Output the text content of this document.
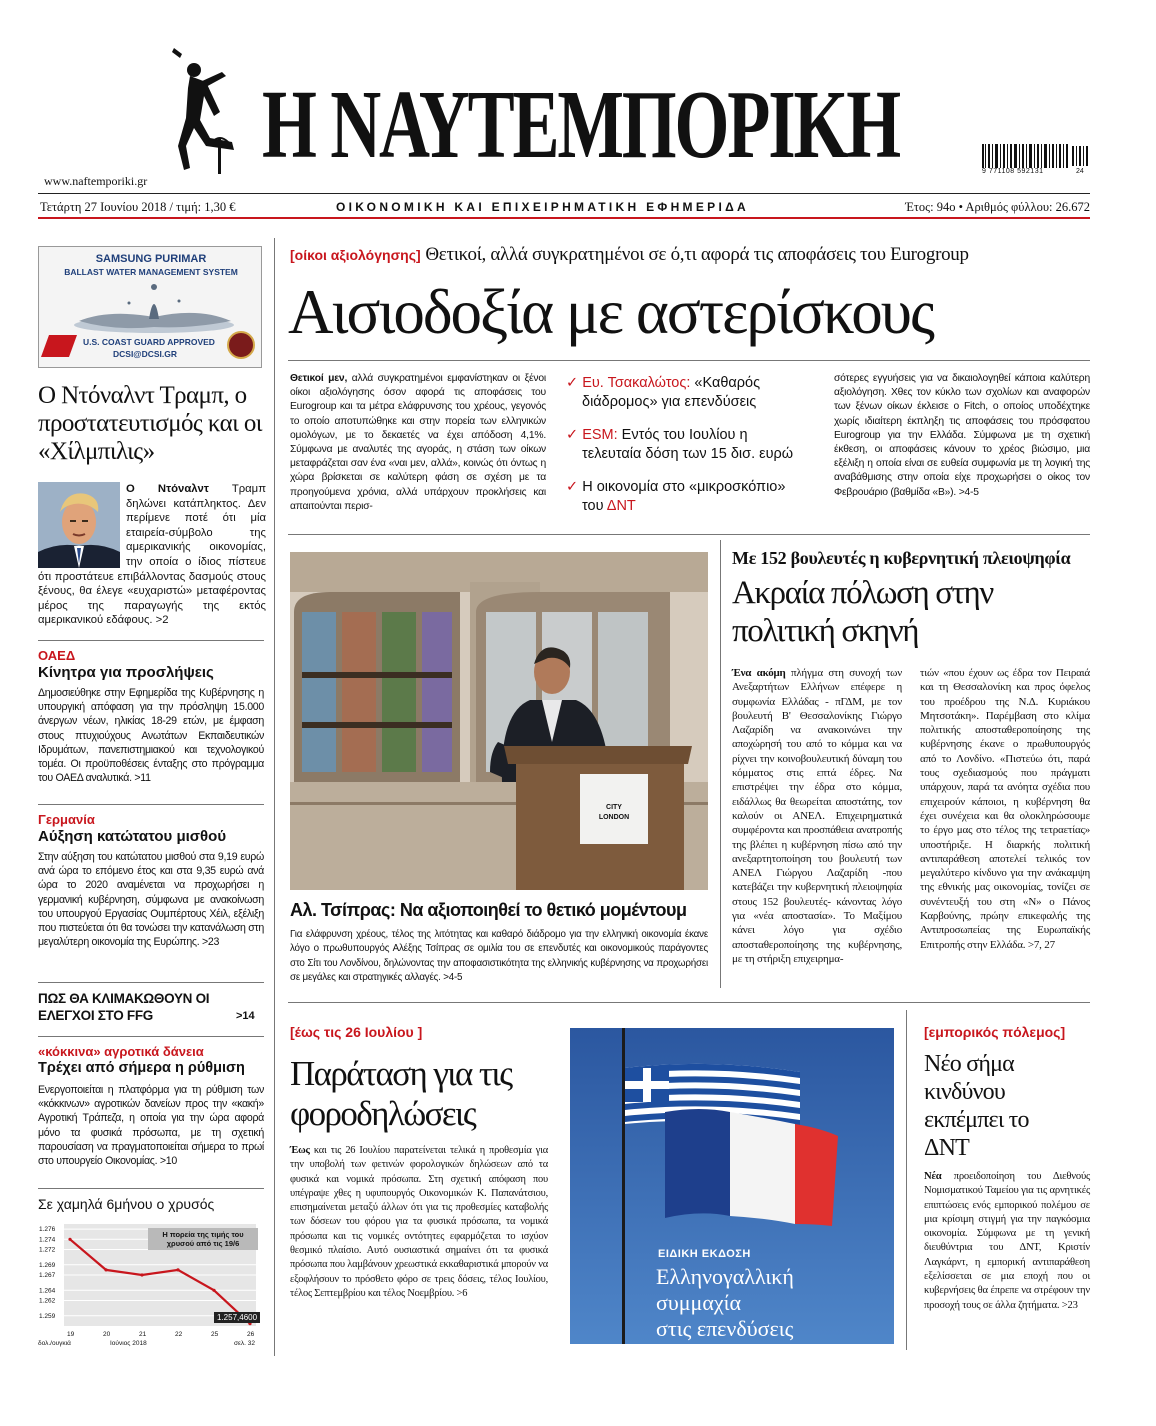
Η ΝΑΥΤΕΜΠΟΡΙΚΗ	9 771108 592131	24
www.naftemporiki.gr
Τετάρτη 27 Ιουνίου 2018 / τιμή: 1,30 €	ΟΙΚΟΝΟΜΙΚΗ ΚΑΙ ΕΠΙΧΕΙΡΗΜΑΤΙΚΗ ΕΦΗΜΕΡΙΔΑ	Έτος: 94ο • Αριθμός φύλλου: 26.672
SAMSUNG PURIMAR
BALLAST WATER MANAGEMENT SYSTEM
U.S. COAST GUARD APPROVED
DCSI@DCSI.GR
Ο Ντόναλντ Τραμπ, ο προστατευτισμός και οι «Χίλμπιλις»
Ο Ντόναλντ Τραμπ δηλώνει κατάπληκτος. Δεν περίμενε ποτέ ότι μία εταιρεία-σύμβολο της αμερικανικής οικονομίας, την οποία ο ίδιος πίστευε ότι προστάτευε επιβάλλοντας δασμούς στους ξένους, θα έλεγε «ευχαριστώ» μεταφέροντας μέρος της παραγωγής της εκτός αμερικανικού εδάφους. >2
ΟΑΕΔ
Κίνητρα για προσλήψεις
Δημοσιεύθηκε στην Εφημερίδα της Κυβέρνησης η υπουργική απόφαση για την πρόσληψη 15.000 άνεργων νέων, ηλικίας 18-29 ετών, με έμφαση στους πτυχιούχους Ανωτάτων Εκπαιδευτικών Ιδρυμάτων, πανεπιστημιακού και τεχνολογικού τομέα. Οι προϋποθέσεις ένταξης στο πρόγραμμα του ΟΑΕΔ αναλυτικά. >11
Γερμανία
Αύξηση κατώτατου μισθού
Στην αύξηση του κατώτατου μισθού στα 9,19 ευρώ ανά ώρα το επόμενο έτος και στα 9,35 ευρώ ανά ώρα το 2020 αναμένεται να προχωρήσει η γερμανική κυβέρνηση, σύμφωνα με ανακοίνωση του υπουργού Εργασίας Ουμπέρτους Χέιλ, εξέλιξη που πιστεύεται ότι θα τονώσει την κατανάλωση στη μεγαλύτερη οικονομία της Ευρώπης. >23
ΠΩΣ ΘΑ ΚΛΙΜΑΚΩΘΟΥΝ ΟΙ ΕΛΕΓΧΟΙ ΣΤΟ FFG	>14
«κόκκινα» αγροτικά δάνεια
Τρέχει από σήμερα η ρύθμιση
Ενεργοποιείται η πλατφόρμα για τη ρύθμιση των «κόκκινων» αγροτικών δανείων προς την «κακή» Αγροτική Τράπεζα, η οποία για την ώρα αφορά μόνο τα φυσικά πρόσωπα, με τη σχετική παρουσίαση να πραγματοποιείται σήμερα το πρωί στο υπουργείο Οικονομίας. >10
Σε χαμηλά 6μήνου ο χρυσός
1.259
1.262
1.264
1.267
1.269
1.272
1.274
1.276
19	20	21	22	25	26
Η πορεία της τιμής του χρυσού από τις 19/6
1.257,4600
δολ./ουγκιά	Ιούνιος 2018	σελ. 32
[οίκοι αξιολόγησης] Θετικοί, αλλά συγκρατημένοι σε ό,τι αφορά τις αποφάσεις του Eurogroup
Αισιοδοξία με αστερίσκους
Θετικοί μεν, αλλά συγκρατημένοι εμφανίστηκαν οι ξένοι οίκοι αξιολόγησης όσον αφορά τις αποφάσεις του Eurogroup και τα μέτρα ελάφρυνσης του χρέους, γεγονός το οποίο αποτυπώθηκε και στην πορεία των ελληνικών ομολόγων, με το δεκαετές να έχει απόδοση 4,1%. Σύμφωνα με αναλυτές της αγοράς, η στάση των οίκων μεταφράζεται σαν ένα «ναι μεν, αλλά», κοινώς ότι όντως η χώρα βρίσκεται σε καλύτερη φάση σε σχέση με τα προηγούμενα χρόνια, αλλά υπάρχουν προκλήσεις και απαιτούνται περισ-
✓ Ευ. Τσακαλώτος: «Καθαρός διάδρομος» για επενδύσεις
✓ ESM: Εντός του Ιουλίου η τελευταία δόση των 15 δισ. ευρώ
✓ Η οικονομία στο «μικροσκόπιο» του ΔΝΤ
σότερες εγγυήσεις για να δικαιολογηθεί κάποια καλύτερη αξιολόγηση. Χθες τον κύκλο των σχολίων και αναφορών των ξένων οίκων έκλεισε ο Fitch, ο οποίος υποδέχτηκε χωρίς ιδιαίτερη έκπληξη τις αποφάσεις του πρόσφατου Eurogroup για την Ελλάδα. Σύμφωνα με τη σχετική έκθεση, οι αποφάσεις κάνουν το χρέος βιώσιμο, μια εξέλιξη η οποία είναι σε ευθεία συμφωνία με τη λογική της αναβάθμισης στην οποία είχε προχωρήσει ο οίκος τον Φεβρουάριο (βαθμίδα «Β»). >4-5
CITY
LONDON
Αλ. Τσίπρας: Να αξιοποιηθεί το θετικό μομέντουμ
Για ελάφρυνση χρέους, τέλος της λιτότητας και καθαρό διάδρομο για την ελληνική οικονομία έκανε λόγο ο πρωθυπουργός Αλέξης Τσίπρας σε ομιλία του σε επενδυτές και οικονομικούς παράγοντες στο Σίτι του Λονδίνου, δηλώνοντας την αποφασιστικότητα της ελληνικής κυβέρνησης να προχωρήσει σε μεγάλες και στρατηγικές αλλαγές. >4-5
Με 152 βουλευτές η κυβερνητική πλειοψηφία
Ακραία πόλωση στην πολιτική σκηνή
Ένα ακόμη πλήγμα στη συνοχή των Ανεξαρτήτων Ελλήνων επέφερε η συμφωνία Ελλάδας - πΓΔΜ, με τον βουλευτή Β' Θεσσαλονίκης Γιώργο Λαζαρίδη να ανακοινώνει την αποχώρησή του από το κόμμα και να ρίχνει την κοινοβουλευτική δύναμη του κόμματος στις επτά έδρες. Να επιστρέψει την έδρα στο κόμμα, ειδάλλως θα θεωρείται αποστάτης, τον καλούν οι ΑΝΕΛ. Επιχειρηματικά συμφέροντα και προσπάθεια ανατροπής της βλέπει η κυβέρνηση πίσω από την ανεξαρτητοποίηση του βουλευτή των ΑΝΕΛ Γιώργου Λαζαρίδη -που κατεβάζει την κυβερνητική πλειοψηφία στους 152 βουλευτές- κάνοντας λόγο για «νέα αποστασία». Το Μαξίμου κάνει λόγο για σχέδιο αποσταθεροποίησης της κυβέρνησης, με τη στήριξη επιχειρημα-
τιών «που έχουν ως έδρα τον Πειραιά και τη Θεσσαλονίκη και προς όφελος του προέδρου της Ν.Δ. Κυριάκου Μητσοτάκη». Παρέμβαση στο κλίμα πολιτικής αποσταθεροποίησης της κυβέρνησης έκανε ο πρωθυπουργός από το Λονδίνο. «Πιστεύω ότι, παρά τους σχεδιασμούς που πράγματι υπάρχουν, παρά τα ανόητα σχέδια που επιχειρούν κάποιοι, η κυβέρνηση θα έχει συνέχεια και θα ολοκληρώσουμε το έργο μας στο τέλος της τετραετίας» υποστήριξε. Η διαρκής πολιτική αντιπαράθεση αποτελεί τελικός τον μεγαλύτερο κίνδυνο για την ανάκαμψη της εθνικής μας οικονομίας, τονίζει σε συνέντευξή του στη «Ν» ο Πάνος Καρβούνης, πρώην επικεφαλής της Αντιπροσωπείας της Ευρωπαϊκής Επιτροπής στην Ελλάδα. >7, 27
[έως τις 26 Ιουλίου ]
Παράταση για τις φοροδηλώσεις
Έως και τις 26 Ιουλίου παρατείνεται τελικά η προθεσμία για την υποβολή των φετινών φορολογικών δηλώσεων από τα φυσικά και νομικά πρόσωπα. Στη σχετική απόφαση που υπέγραψε χθες η υφυπουργός Οικονομικών Κ. Παπανάτσιου, επισημαίνεται μεταξύ άλλων ότι για τις προθεσμίες καταβολής των δόσεων του φόρου για τα φυσικά πρόσωπα, τα νομικά πρόσωπα και τις νομικές οντότητες εφαρμόζεται το ισχύον θεσμικό πλαίσιο. Αυτό ουσιαστικά σημαίνει ότι τα φυσικά πρόσωπα που λαμβάνουν χρεωστικά εκκαθαριστικά μπορούν να εξοφλήσουν το πρόσθετο φόρο σε τρεις δόσεις, τέλος Ιουλίου, τέλος Σεπτεμβρίου και τέλος Νοεμβρίου. >6
ΕΙΔΙΚΗ ΕΚΔΟΣΗ
Ελληνογαλλική
συμμαχία
στις επενδύσεις
[εμπορικός πόλεμος]
Νέο σήμα κινδύνου εκπέμπει το ΔΝΤ
Νέα προειδοποίηση του Διεθνούς Νομισματικού Ταμείου για τις αρνητικές επιπτώσεις ενός εμπορικού πολέμου σε μια κρίσιμη στιγμή για την παγκόσμια οικονομία. Σύμφωνα με τη γενική διευθύντρια του ΔΝΤ, Κριστίν Λαγκάρντ, η εμπορική αντιπαράθεση εξελίσσεται σε μια εποχή που οι κυβερνήσεις θα έπρεπε να στρέφουν την προσοχή τους σε άλλα ζητήματα. >23
